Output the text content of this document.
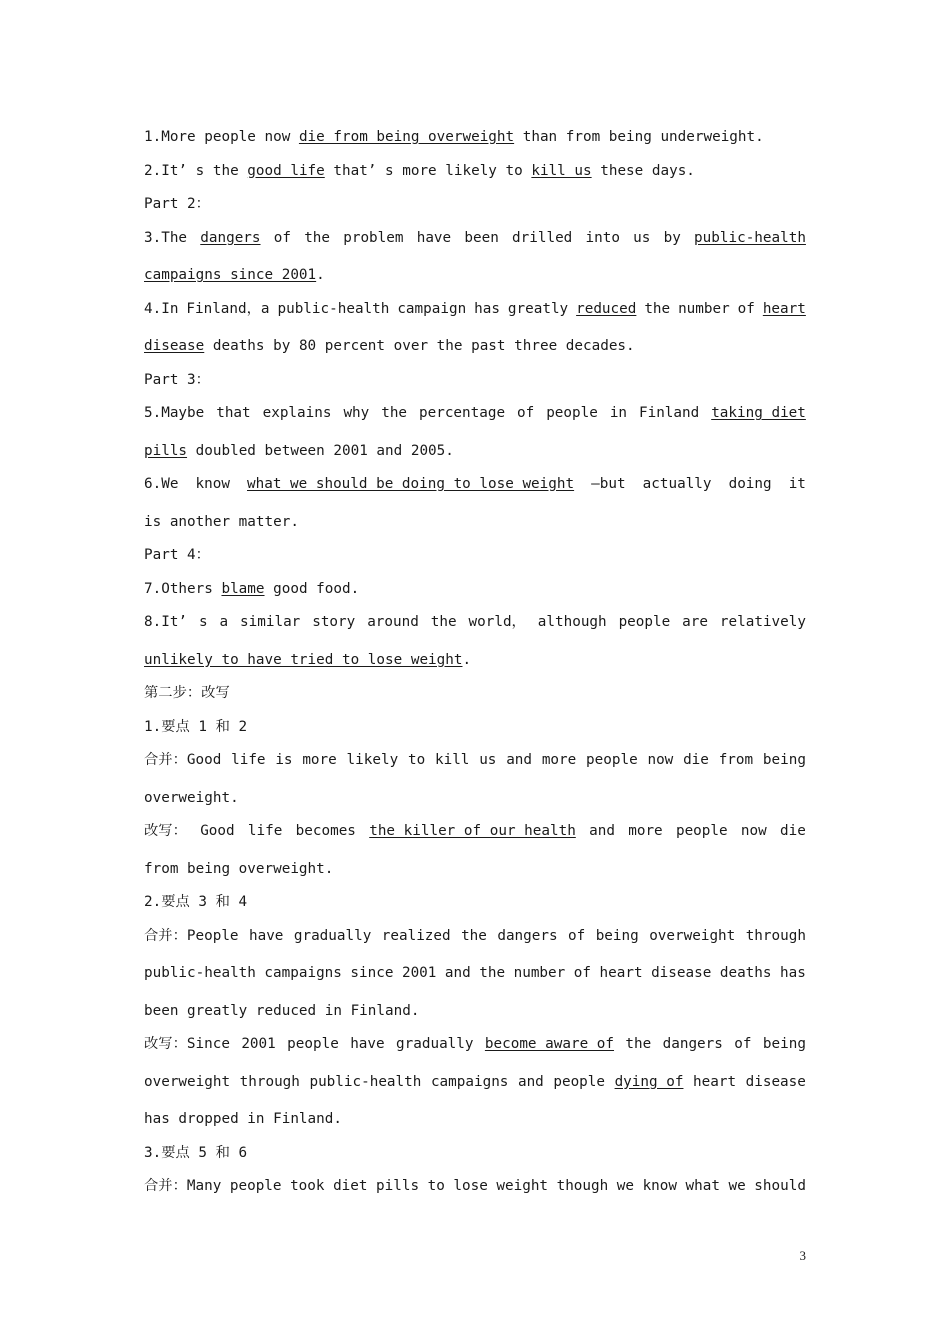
1.More people now die from being overweight than from being underweight.
2.It’ s the good life that’ s more likely to kill us these days.
Part 2：
3.The dangers of the problem have been drilled into us by public-health
campaigns since 2001.
4.In Finland，a public-health campaign has greatly reduced the number of heart
disease deaths by 80 percent over the past three decades.
Part 3：
5.Maybe that explains why the percentage of people in Finland taking diet
pills doubled between 2001 and 2005.
6.We know what we should be doing to lose weight —but actually doing it
is another matter.
Part 4：
7.Others blame good food.
8.It’ s a similar story around the world， although people are relatively
unlikely to have tried to lose weight.
第二步：改写
1.要点 1 和 2
合并：Good life is more likely to kill us and more people now die from being
overweight.
改写： Good life becomes the killer of our health and more people now die
from being overweight.
2.要点 3 和 4
合并：People have gradually realized the dangers of being overweight through
public-health campaigns since 2001 and the number of heart disease deaths has
been greatly reduced in Finland.
改写：Since 2001 people have gradually become aware of the dangers of being
overweight through public-health campaigns and people dying of heart disease
has dropped in Finland.
3.要点 5 和 6
合并：Many people took diet pills to lose weight though we know what we should
3
